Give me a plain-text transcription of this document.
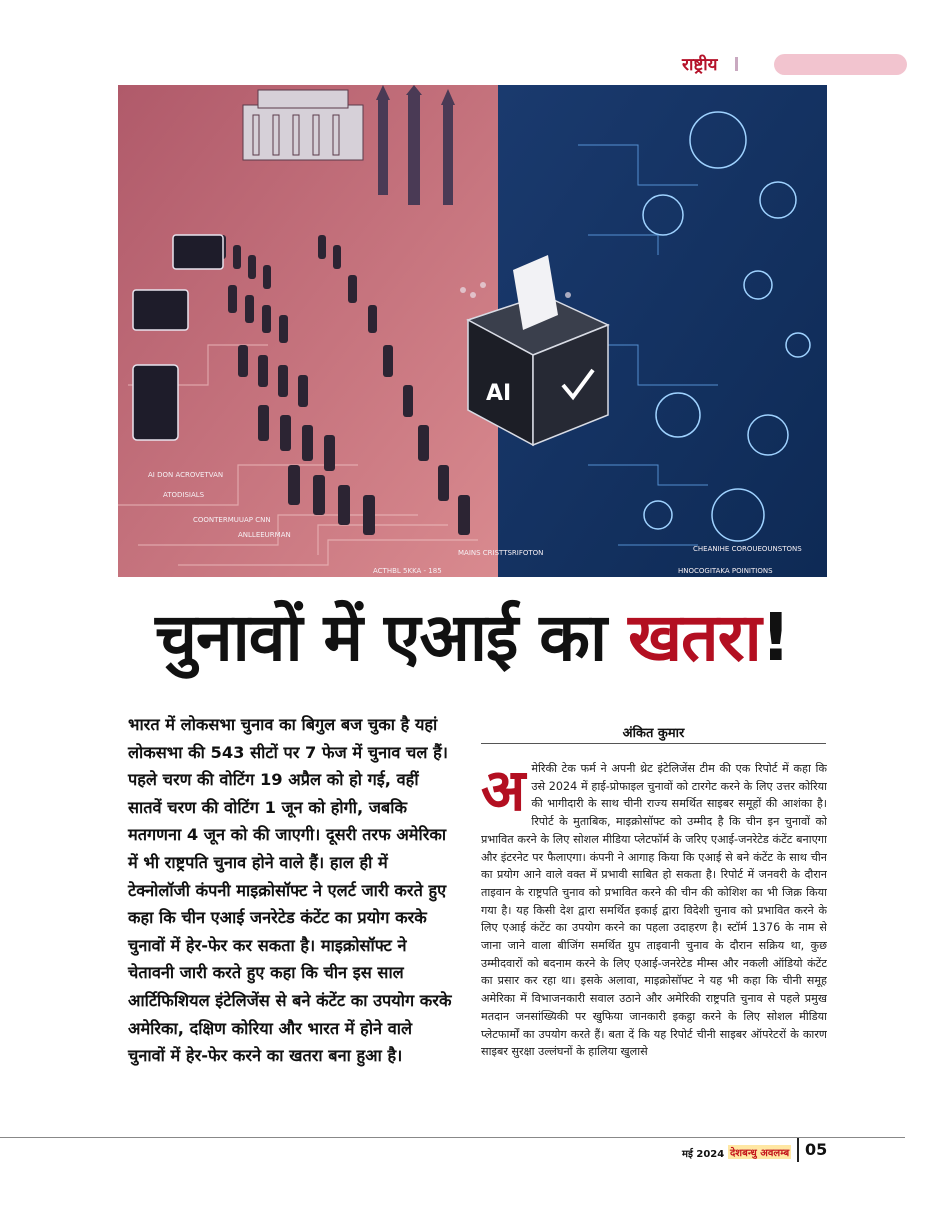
राष्ट्रीय
AI
AI DON ACROVETVAN
ATODISIALS
COONTERMUUAP CNN
ANLLEEURMAN
ACTHBL 5KKA - 185
MAINS CRISTTSRIFOTON
HNOCOGITAKA POINITIONS
CHEANIHE COROUEOUNSTONS
चुनावों में एआई का खतरा!
भारत में लोकसभा चुनाव का बिगुल बज चुका है यहां लोकसभा की 543 सीटों पर 7 फेज में चुनाव चल हैं। पहले चरण की वोटिंग 19 अप्रैल को हो गई, वहीं सातवें चरण की वोटिंग 1 जून को होगी, जबकि मतगणना 4 जून को की जाएगी। दूसरी तरफ अमेरिका में भी राष्ट्रपति चुनाव होने वाले हैं। हाल ही में टेक्नोलॉजी कंपनी माइक्रोसॉफ्ट ने एलर्ट जारी करते हुए कहा कि चीन एआई जनरेटेड कंटेंट का प्रयोग करके चुनावों में हेर-फेर कर सकता है। माइक्रोसॉफ्ट ने चेतावनी जारी करते हुए कहा कि चीन इस साल आर्टिफिशियल इंटेलिजेंस से बने कंटेंट का उपयोग करके अमेरिका, दक्षिण कोरिया और भारत में होने वाले चुनावों में हेर-फेर करने का खतरा बना हुआ है।
अंकित कुमार
अमेरिकी टेक फर्म ने अपनी थ्रेट इंटेलिजेंस टीम की एक रिपोर्ट में कहा कि उसे 2024 में हाई-प्रोफाइल चुनावों को टारगेट करने के लिए उत्तर कोरिया की भागीदारी के साथ चीनी राज्य समर्थित साइबर समूहों की आशंका है। रिपोर्ट के मुताबिक, माइक्रोसॉफ्ट को उम्मीद है कि चीन इन चुनावों को प्रभावित करने के लिए सोशल मीडिया प्लेटफॉर्म के जरिए एआई-जनरेटेड कंटेंट बनाएगा और इंटरनेट पर फैलाएगा। कंपनी ने आगाह किया कि एआई से बने कंटेंट के साथ चीन का प्रयोग आने वाले वक्त में प्रभावी साबित हो सकता है। रिपोर्ट में जनवरी के दौरान ताइवान के राष्ट्रपति चुनाव को प्रभावित करने की चीन की कोशिश का भी जिक्र किया गया है। यह किसी देश द्वारा समर्थित इकाई द्वारा विदेशी चुनाव को प्रभावित करने के लिए एआई कंटेंट का उपयोग करने का पहला उदाहरण है। स्टॉर्म 1376 के नाम से जाना जाने वाला बीजिंग समर्थित ग्रुप ताइवानी चुनाव के दौरान सक्रिय था, कुछ उम्मीदवारों को बदनाम करने के लिए एआई-जनरेटेड मीम्स और नकली ऑडियो कंटेंट का प्रसार कर रहा था। इसके अलावा, माइक्रोसॉफ्ट ने यह भी कहा कि चीनी समूह अमेरिका में विभाजनकारी सवाल उठाने और अमेरिकी राष्ट्रपति चुनाव से पहले प्रमुख मतदान जनसांख्यिकी पर खुफिया जानकारी इकट्ठा करने के लिए सोशल मीडिया प्लेटफार्मों का उपयोग करते हैं। बता दें कि यह रिपोर्ट चीनी साइबर ऑपरेटरों के कारण साइबर सुरक्षा उल्लंघनों के हालिया खुलासे
मई 2024 देशबन्धु अवलम्ब 05
